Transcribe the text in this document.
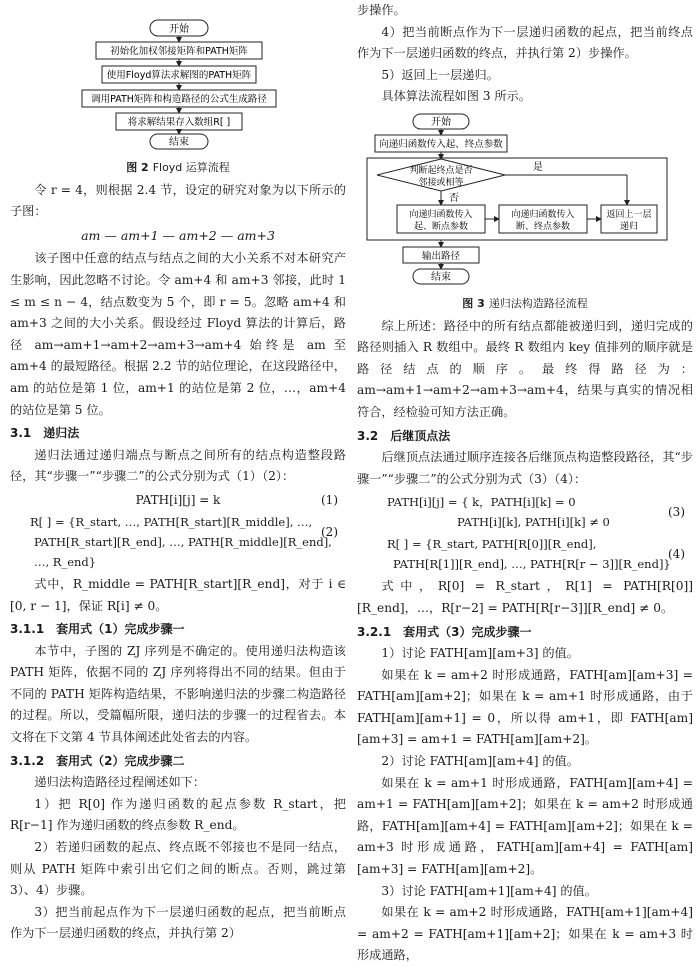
开始
初始化加权邻接矩阵和PATH矩阵
使用Floyd算法求解图的PATH矩阵
调用PATH矩阵和构造路径的公式生成路径
将求解结果存入数组R[ ]
结束
图 2 Floyd 运算流程

令 r = 4，则根据 2.4 节，设定的研究对象为以下所示的子图：

am — am+1 — am+2 — am+3

该子图中任意的结点与结点之间的大小关系不对本研究产生影响，因此忽略不讨论。令 am+4 和 am+3 邻接，此时 1 ≤ m ≤ n − 4，结点数变为 5 个，即 r = 5。忽略 am+4 和 am+3 之间的大小关系。假设经过 Floyd 算法的计算后，路径 am→am+1→am+2→am+3→am+4 始终是 am 至 am+4 的最短路径。根据 2.2 节的站位理论，在这段路径中，am 的站位是第 1 位，am+1 的站位是第 2 位，…，am+4 的站位是第 5 位。

3.1　递归法

递归法通过递归端点与断点之间所有的结点构造整段路径，其“步骤一”“步骤二”的公式分别为式（1）（2）：

PATH[i][j] = k	(1)
R[ ] = {R_start, …, PATH[R_start][R_middle], …,
PATH[R_start][R_end], …, PATH[R_middle][R_end], …, R_end}
(2)

式中，R_middle = PATH[R_start][R_end]，对于 i ∈ [0, r − 1]，保证 R[i] ≠ 0。

3.1.1　套用式（1）完成步骤一

本节中，子图的 ZJ 序列是不确定的。使用递归法构造该 PATH 矩阵，依据不同的 ZJ 序列将得出不同的结果。但由于不同的 PATH 矩阵构造结果，不影响递归法的步骤二构造路径的过程。所以，受篇幅所限，递归法的步骤一的过程省去。本文将在下文第 4 节具体阐述此处省去的内容。

3.1.2　套用式（2）完成步骤二

递归法构造路径过程阐述如下：

1）把 R[0] 作为递归函数的起点参数 R_start，把 R[r−1] 作为递归函数的终点参数 R_end。

2）若递归函数的起点、终点既不邻接也不是同一结点，则从 PATH 矩阵中索引出它们之间的断点。否则，跳过第 3）、4）步骤。

3）把当前起点作为下一层递归函数的起点，把当前断点作为下一层递归函数的终点，并执行第 2）

步操作。

4）把当前断点作为下一层递归函数的起点，把当前终点作为下一层递归函数的终点，并执行第 2）步操作。

5）返回上一层递归。

具体算法流程如图 3 所示。

开始
向递归函数传入起、终点参数
判断起终点是否
邻接或相等
是
否
向递归函数传入
起、断点参数
向递归函数传入
断、终点参数
返回上一层
递归
输出路径
结束
图 3 递归法构造路径流程

综上所述：路径中的所有结点都能被递归到，递归完成的路径则插入 R 数组中。最终 R 数组内 key 值排列的顺序就是路径结点的顺序。最终得路径为：am→am+1→am+2→am+3→am+4，结果与真实的情况相符合，经检验可知方法正确。

3.2　后继顶点法

后继顶点法通过顺序连接各后继顶点构造整段路径，其“步骤一”“步骤二”的公式分别为式（3）（4）：

PATH[i][j] = { k，PATH[i][k] = 0
PATH[i][k], PATH[i][k] ≠ 0
(3)
R[ ] = {R_start, PATH[R[0]][R_end],
PATH[R[1]][R_end], …, PATH[R[r − 3]][R_end]}
(4)

式中，R[0] = R_start，R[1] = PATH[R[0]][R_end]，…，R[r−2] = PATH[R[r−3]][R_end] ≠ 0。

3.2.1　套用式（3）完成步骤一

1）讨论 FATH[am][am+3] 的值。

如果在 k = am+2 时形成通路，FATH[am][am+3] = FATH[am][am+2]；如果在 k = am+1 时形成通路，由于 FATH[am][am+1] = 0，所以得 am+1，即 FATH[am][am+3] = am+1 = FATH[am][am+2]。

2）讨论 FATH[am][am+4] 的值。

如果在 k = am+1 时形成通路，FATH[am][am+4] = am+1 = FATH[am][am+2]；如果在 k = am+2 时形成通路，FATH[am][am+4] = FATH[am][am+2]；如果在 k = am+3 时形成通路，FATH[am][am+4] = FATH[am][am+3] = FATH[am][am+2]。

3）讨论 FATH[am+1][am+4] 的值。

如果在 k = am+2 时形成通路，FATH[am+1][am+4] = am+2 = FATH[am+1][am+2]；如果在 k = am+3 时形成通路，
